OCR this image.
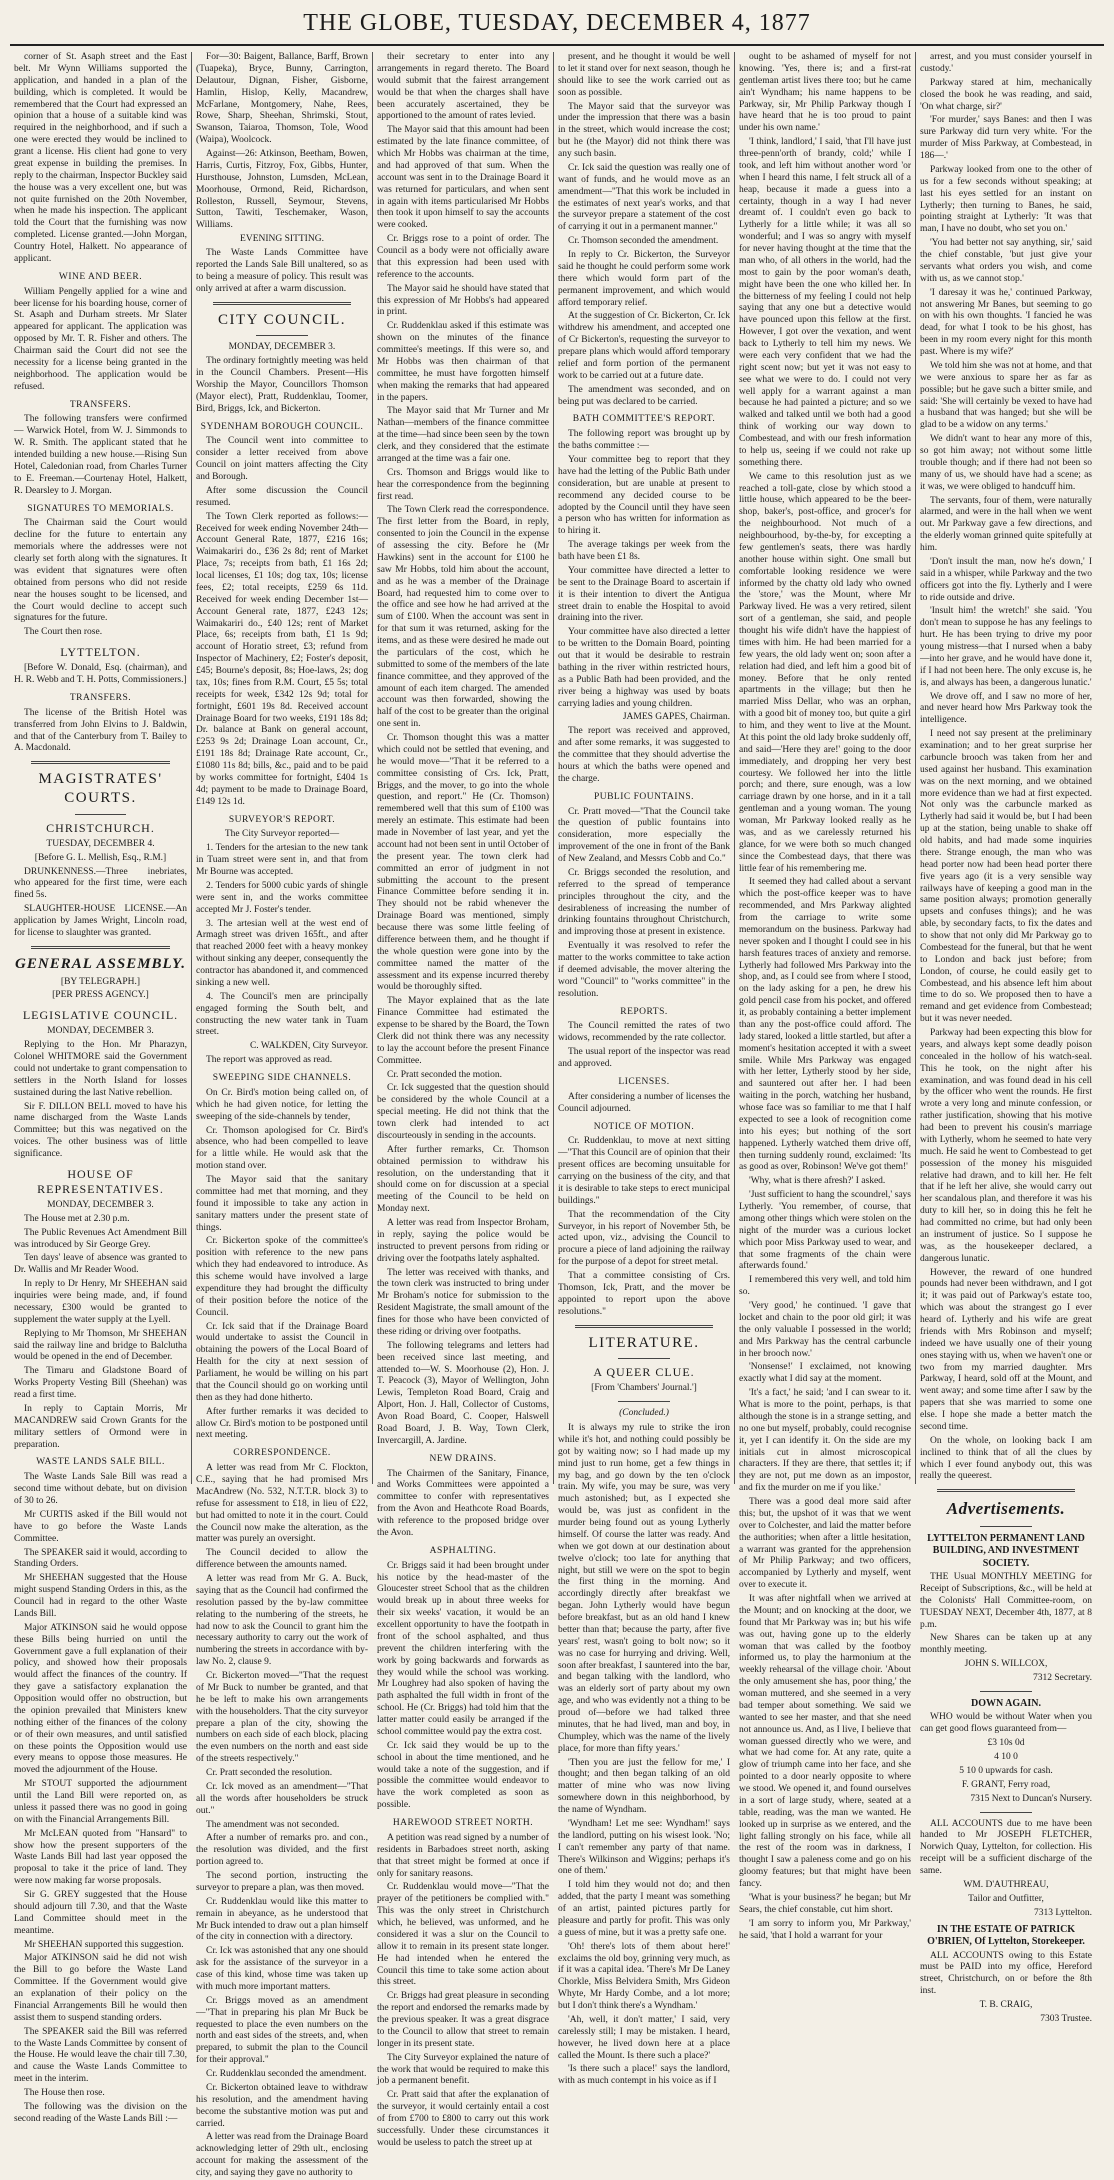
THE GLOBE, TUESDAY, DECEMBER 4, 1877

corner of St. Asaph street and the East belt. Mr Wynn Williams supported the application, and handed in a plan of the building, which is completed. It would be remembered that the Court had expressed an opinion that a house of a suitable kind was required in the neighborhood, and if such a one were erected they would be inclined to grant a license. His client had gone to very great expense in building the premises. In reply to the chairman, Inspector Buckley said the house was a very excellent one, but was not quite furnished on the 20th November, when he made his inspection. The applicant told the Court that the furnishing was now completed. License granted.—John Morgan, Country Hotel, Halkett. No appearance of applicant.

WINE AND BEER.

William Pengelly applied for a wine and beer license for his boarding house, corner of St. Asaph and Durham streets. Mr Slater appeared for applicant. The application was opposed by Mr. T. R. Fisher and others. The Chairman said the Court did not see the necessity for a license being granted in the neighborhood. The application would be refused.

TRANSFERS.

The following transfers were confirmed — Warwick Hotel, from W. J. Simmonds to W. R. Smith. The applicant stated that he intended building a new house.—Rising Sun Hotel, Caledonian road, from Charles Turner to E. Freeman.—Courtenay Hotel, Halkett, R. Dearsley to J. Morgan.

SIGNATURES TO MEMORIALS.

The Chairman said the Court would decline for the future to entertain any memorials where the addresses were not clearly set forth along with the signatures. It was evident that signatures were often obtained from persons who did not reside near the houses sought to be licensed, and the Court would decline to accept such signatures for the future.

The Court then rose.

LYTTELTON.

[Before W. Donald, Esq. (chairman), and H. R. Webb and T. H. Potts, Commissioners.]

TRANSFERS.

The license of the British Hotel was transferred from John Elvins to J. Baldwin, and that of the Canterbury from T. Bailey to A. Macdonald.

MAGISTRATES' COURTS.
CHRISTCHURCH.
TUESDAY, DECEMBER 4.
[Before G. L. Mellish, Esq., R.M.]

DRUNKENNESS.—Three inebriates, who appeared for the first time, were each fined 5s.

SLAUGHTER-HOUSE LICENSE.—An application by James Wright, Lincoln road, for license to slaughter was granted.

GENERAL ASSEMBLY.
[BY TELEGRAPH.]
[PER PRESS AGENCY.]
LEGISLATIVE COUNCIL.
MONDAY, DECEMBER 3.

Replying to the Hon. Mr Pharazyn, Colonel WHITMORE said the Government could not undertake to grant compensation to settlers in the North Island for losses sustained during the last Native rebellion.

Sir F. DILLON BELL moved to have his name discharged from the Waste Lands Committee; but this was negatived on the voices. The other business was of little significance.

HOUSE OF REPRESENTATIVES.
MONDAY, DECEMBER 3.

The House met at 2.30 p.m.

The Public Revenues Act Amendment Bill was introduced by Sir George Grey.

Ten days' leave of absence was granted to Dr. Wallis and Mr Reader Wood.

In reply to Dr Henry, Mr SHEEHAN said inquiries were being made, and, if found necessary, £300 would be granted to supplement the water supply at the Lyell.

Replying to Mr Thomson, Mr SHEEHAN said the railway line and bridge to Balclutha would be opened in the end of December.

The Timaru and Gladstone Board of Works Property Vesting Bill (Sheehan) was read a first time.

In reply to Captain Morris, Mr MACANDREW said Crown Grants for the military settlers of Ormond were in preparation.

WASTE LANDS SALE BILL.

The Waste Lands Sale Bill was read a second time without debate, but on division of 30 to 26.

Mr CURTIS asked if the Bill would not have to go before the Waste Lands Committee.

The SPEAKER said it would, according to Standing Orders.

Mr SHEEHAN suggested that the House might suspend Standing Orders in this, as the Council had in regard to the other Waste Lands Bill.

Major ATKINSON said he would oppose these Bills being hurried on until the Government gave a full explanation of their policy, and showed how their proposals would affect the finances of the country. If they gave a satisfactory explanation the Opposition would offer no obstruction, but the opinion prevailed that Ministers knew nothing either of the finances of the colony or of their own measures, and until satisfied on these points the Opposition would use every means to oppose those measures. He moved the adjournment of the House.

Mr STOUT supported the adjournment until the Land Bill were reported on, as unless it passed there was no good in going on with the Financial Arrangements Bill.

Mr McLEAN quoted from "Hansard" to show how the present supporters of the Waste Lands Bill had last year opposed the proposal to take it the price of land. They were now making far worse proposals.

Sir G. GREY suggested that the House should adjourn till 7.30, and that the Waste Land Committee should meet in the meantime.

Mr SHEEHAN supported this suggestion.

Major ATKINSON said he did not wish the Bill to go before the Waste Land Committee. If the Government would give an explanation of their policy on the Financial Arrangements Bill he would then assist them to suspend standing orders.

The SPEAKER said the Bill was referred to the Waste Lands Committee by consent of the House. He would leave the chair till 7.30, and cause the Waste Lands Committee to meet in the interim.

The House then rose.

The following was the division on the second reading of the Waste Lands Bill :—

For—30: Baigent, Ballance, Barff, Brown (Tuapeka), Bryce, Bunny, Carrington, Delautour, Dignan, Fisher, Gisborne, Hamlin, Hislop, Kelly, Macandrew, McFarlane, Montgomery, Nahe, Rees, Rowe, Sharp, Sheehan, Shrimski, Stout, Swanson, Taiaroa, Thomson, Tole, Wood (Waipa), Woolcock.

Against—26: Atkinson, Beetham, Bowen, Harris, Curtis, Fitzroy, Fox, Gibbs, Hunter, Hursthouse, Johnston, Lumsden, McLean, Moorhouse, Ormond, Reid, Richardson, Rolleston, Russell, Seymour, Stevens, Sutton, Tawiti, Teschemaker, Wason, Williams.

EVENING SITTING.

The Waste Lands Committee have reported the Lands Sale Bill unaltered, so as to being a measure of policy. This result was only arrived at after a warm discussion.

CITY COUNCIL.
MONDAY, DECEMBER 3.

The ordinary fortnightly meeting was held in the Council Chambers. Present—His Worship the Mayor, Councillors Thomson (Mayor elect), Pratt, Ruddenklau, Toomer, Bird, Briggs, Ick, and Bickerton.

SYDENHAM BOROUGH COUNCIL.

The Council went into committee to consider a letter received from above Council on joint matters affecting the City and Borough.

After some discussion the Council resumed.

The Town Clerk reported as follows:—Received for week ending November 24th—Account General Rate, 1877, £216 16s; Waimakariri do., £36 2s 8d; rent of Market Place, 7s; receipts from bath, £1 16s 2d; local licenses, £1 10s; dog tax, 10s; license fees, £2; total receipts, £259 6s 11d. Received for week ending December 1st—Account General rate, 1877, £243 12s; Waimakariri do., £40 12s; rent of Market Place, 6s; receipts from bath, £1 1s 9d; account of Horatio street, £3; refund from Inspector of Machinery, £2; Foster's deposit, £45; Bourne's deposit, 8s; Hoe-laws, 2s; dog tax, 10s; fines from R.M. Court, £5 5s; total receipts for week, £342 12s 9d; total for fortnight, £601 19s 8d. Received account Drainage Board for two weeks, £191 18s 8d; Dr. balance at Bank on general account, £253 9s 2d; Drainage Loan account, Cr., £191 18s 8d; Drainage Rate account, Cr., £1080 11s 8d; bills, &c., paid and to be paid by works committee for fortnight, £404 1s 4d; payment to be made to Drainage Board, £149 12s 1d.

SURVEYOR'S REPORT.
The City Surveyor reported—

1. Tenders for the artesian to the new tank in Tuam street were sent in, and that from Mr Bourne was accepted.

2. Tenders for 5000 cubic yards of shingle were sent in, and the works committee accepted Mr J. Foster's tender.

3. The artesian well at the west end of Armagh street was driven 165ft., and after that reached 2000 feet with a heavy monkey without sinking any deeper, consequently the contractor has abandoned it, and commenced sinking a new well.

4. The Council's men are principally engaged forming the South belt, and constructing the new water tank in Tuam street.

C. WALKDEN, City Surveyor.

The report was approved as read.

SWEEPING SIDE CHANNELS.

On Cr. Bird's motion being called on, of which he had given notice, for letting the sweeping of the side-channels by tender,

Cr. Thomson apologised for Cr. Bird's absence, who had been compelled to leave for a little while. He would ask that the motion stand over.

The Mayor said that the sanitary committee had met that morning, and they found it impossible to take any action in sanitary matters under the present state of things.

Cr. Bickerton spoke of the committee's position with reference to the new pans which they had endeavored to introduce. As this scheme would have involved a large expenditure they had brought the difficulty of their position before the notice of the Council.

Cr. Ick said that if the Drainage Board would undertake to assist the Council in obtaining the powers of the Local Board of Health for the city at next session of Parliament, he would be willing on his part that the Council should go on working until then as they had done hitherto.

After further remarks it was decided to allow Cr. Bird's motion to be postponed until next meeting.

CORRESPONDENCE.

A letter was read from Mr C. Flockton, C.E., saying that he had promised Mrs MacAndrew (No. 532, N.T.T.R. block 3) to refuse for assessment to £18, in lieu of £22, but had omitted to note it in the court. Could the Council now make the alteration, as the matter was purely an oversight.

The Council decided to allow the difference between the amounts named.

A letter was read from Mr G. A. Buck, saying that as the Council had confirmed the resolution passed by the by-law committee relating to the numbering of the streets, he had now to ask the Council to grant him the necessary authority to carry out the work of numbering the streets in accordance with by-law No. 2, clause 9.

Cr. Bickerton moved—"That the request of Mr Buck to number be granted, and that he be left to make his own arrangements with the householders. That the city surveyor prepare a plan of the city, showing the numbers on each side of each block, placing the even numbers on the north and east side of the streets respectively."

Cr. Pratt seconded the resolution.

Cr. Ick moved as an amendment—"That all the words after householders be struck out."

The amendment was not seconded.

After a number of remarks pro. and con., the resolution was divided, and the first portion agreed to.

The second portion, instructing the surveyor to prepare a plan, was then moved.

Cr. Ruddenklau would like this matter to remain in abeyance, as he understood that Mr Buck intended to draw out a plan himself of the city in connection with a directory.

Cr. Ick was astonished that any one should ask for the assistance of the surveyor in a case of this kind, whose time was taken up with much more important matters.

Cr. Briggs moved as an amendment—"That in preparing his plan Mr Buck be requested to place the even numbers on the north and east sides of the streets, and, when prepared, to submit the plan to the Council for their approval."

Cr. Ruddenklau seconded the amendment.

Cr. Bickerton obtained leave to withdraw his resolution, and the amendment having become the substantive motion was put and carried.

A letter was read from the Drainage Board acknowledging letter of 29th ult., enclosing account for making the assessment of the city, and saying they gave no authority to

their secretary to enter into any arrangements in regard thereto. The Board would submit that the fairest arrangement would be that when the charges shall have been accurately ascertained, they be apportioned to the amount of rates levied.

The Mayor said that this amount had been estimated by the late finance committee, of which Mr Hobbs was chairman at the time, and had approved of that sum. When the account was sent in to the Drainage Board it was returned for particulars, and when sent in again with items particularised Mr Hobbs then took it upon himself to say the accounts were cooked.

Cr. Briggs rose to a point of order. The Council as a body were not officially aware that this expression had been used with reference to the accounts.

The Mayor said he should have stated that this expression of Mr Hobbs's had appeared in print.

Cr. Ruddenklau asked if this estimate was shown on the minutes of the finance committee's meetings. If this were so, and Mr Hobbs was then chairman of that committee, he must have forgotten himself when making the remarks that had appeared in the papers.

The Mayor said that Mr Turner and Mr Nathan—members of the finance committee at the time—had since been seen by the town clerk, and they considered that the estimate arranged at the time was a fair one.

Crs. Thomson and Briggs would like to hear the correspondence from the beginning first read.

The Town Clerk read the correspondence. The first letter from the Board, in reply, consented to join the Council in the expense of assessing the city. Before he (Mr Hawkins) sent in the account for £100 he saw Mr Hobbs, told him about the account, and as he was a member of the Drainage Board, had requested him to come over to the office and see how he had arrived at the sum of £100. When the account was sent in for that sum it was returned, asking for the items, and as these were desired he made out the particulars of the cost, which he submitted to some of the members of the late finance committee, and they approved of the amount of each item charged. The amended account was then forwarded, showing the half of the cost to be greater than the original one sent in.

Cr. Thomson thought this was a matter which could not be settled that evening, and he would move—"That it be referred to a committee consisting of Crs. Ick, Pratt, Briggs, and the mover, to go into the whole question, and report." He (Cr. Thomson) remembered well that this sum of £100 was merely an estimate. This estimate had been made in November of last year, and yet the account had not been sent in until October of the present year. The town clerk had committed an error of judgment in not submitting the account to the present Finance Committee before sending it in. They should not be rabid whenever the Drainage Board was mentioned, simply because there was some little feeling of difference between them, and he thought if the whole question were gone into by the committee named the matter of the assessment and its expense incurred thereby would be thoroughly sifted.

The Mayor explained that as the late Finance Committee had estimated the expense to be shared by the Board, the Town Clerk did not think there was any necessity to lay the account before the present Finance Committee.

Cr. Pratt seconded the motion.

Cr. Ick suggested that the question should be considered by the whole Council at a special meeting. He did not think that the town clerk had intended to act discourteously in sending in the accounts.

After further remarks, Cr. Thomson obtained permission to withdraw his resolution, on the understanding that it should come on for discussion at a special meeting of the Council to be held on Monday next.

A letter was read from Inspector Broham, in reply, saying the police would be instructed to prevent persons from riding or driving over the footpaths lately asphalted.

The letter was received with thanks, and the town clerk was instructed to bring under Mr Broham's notice for submission to the Resident Magistrate, the small amount of the fines for those who have been convicted of these riding or driving over footpaths.

The following telegrams and letters had been received since last meeting, and attended to—W. S. Moorhouse (2), Hon. J. T. Peacock (3), Mayor of Wellington, John Lewis, Templeton Road Board, Craig and Alport, Hon. J. Hall, Collector of Customs, Avon Road Board, C. Cooper, Halswell Road Board, J. B. Way, Town Clerk, Invercargill, A. Jardine.

NEW DRAINS.

The Chairmen of the Sanitary, Finance, and Works Committees were appointed a committee to confer with representatives from the Avon and Heathcote Road Boards, with reference to the proposed bridge over the Avon.

ASPHALTING.

Cr. Briggs said it had been brought under his notice by the head-master of the Gloucester street School that as the children would break up in about three weeks for their six weeks' vacation, it would be an excellent opportunity to have the footpath in front of the school asphalted, and thus prevent the children interfering with the work by going backwards and forwards as they would while the school was working. Mr Loughrey had also spoken of having the path asphalted the full width in front of the school. He (Cr. Briggs) had told him that the latter matter could easily be arranged if the school committee would pay the extra cost.

Cr. Ick said they would be up to the school in about the time mentioned, and he would take a note of the suggestion, and if possible the committee would endeavor to have the work completed as soon as possible.

HAREWOOD STREET NORTH.

A petition was read signed by a number of residents in Barbadoes street north, asking that that street might be formed at once if only for sanitary reasons.

Cr. Ruddenklau would move—"That the prayer of the petitioners be complied with." This was the only street in Christchurch which, he believed, was unformed, and he considered it was a slur on the Council to allow it to remain in its present state longer. He had intended when he entered the Council this time to take some action about this street.

Cr. Briggs had great pleasure in seconding the report and endorsed the remarks made by the previous speaker. It was a great disgrace to the Council to allow that street to remain longer in its present state.

The City Surveyor explained the nature of the work that would be required to make this job a permanent benefit.

Cr. Pratt said that after the explanation of the surveyor, it would certainly entail a cost of from £700 to £800 to carry out this work successfully. Under these circumstances it would be useless to patch the street up at

present, and he thought it would be well to let it stand over for next season, though he should like to see the work carried out as soon as possible.

The Mayor said that the surveyor was under the impression that there was a basin in the street, which would increase the cost; but he (the Mayor) did not think there was any such basin.

Cr. Ick said the question was really one of want of funds, and he would move as an amendment—"That this work be included in the estimates of next year's works, and that the surveyor prepare a statement of the cost of carrying it out in a permanent manner."

Cr. Thomson seconded the amendment.

In reply to Cr. Bickerton, the Surveyor said he thought he could perform some work there which would form part of the permanent improvement, and which would afford temporary relief.

At the suggestion of Cr. Bickerton, Cr. Ick withdrew his amendment, and accepted one of Cr Bickerton's, requesting the surveyor to prepare plans which would afford temporary relief and form portion of the permanent work to be carried out at a future date.

The amendment was seconded, and on being put was declared to be carried.

BATH COMMITTEE'S REPORT.

The following report was brought up by the baths committee :—

Your committee beg to report that they have had the letting of the Public Bath under consideration, but are unable at present to recommend any decided course to be adopted by the Council until they have seen a person who has written for information as to hiring it.

The average takings per week from the bath have been £1 8s.

Your committee have directed a letter to be sent to the Drainage Board to ascertain if it is their intention to divert the Antigua street drain to enable the Hospital to avoid draining into the river.

Your committee have also directed a letter to be written to the Domain Board, pointing out that it would be desirable to restrain bathing in the river within restricted hours, as a Public Bath had been provided, and the river being a highway was used by boats carrying ladies and young children.

JAMES GAPES, Chairman.

The report was received and approved, and after some remarks, it was suggested to the committee that they should advertise the hours at which the baths were opened and the charge.

PUBLIC FOUNTAINS.

Cr. Pratt moved—"That the Council take the question of public fountains into consideration, more especially the improvement of the one in front of the Bank of New Zealand, and Messrs Cobb and Co."

Cr. Briggs seconded the resolution, and referred to the spread of temperance principles throughout the city, and the desirableness of increasing the number of drinking fountains throughout Christchurch, and improving those at present in existence.

Eventually it was resolved to refer the matter to the works committee to take action if deemed advisable, the mover altering the word "Council" to "works committee" in the resolution.

REPORTS.

The Council remitted the rates of two widows, recommended by the rate collector.

The usual report of the inspector was read and approved.

LICENSES.

After considering a number of licenses the Council adjourned.

NOTICE OF MOTION.

Cr. Ruddenklau, to move at next sitting—"That this Council are of opinion that their present offices are becoming unsuitable for carrying on the business of the city, and that it is desirable to take steps to erect municipal buildings."

That the recommendation of the City Surveyor, in his report of November 5th, be acted upon, viz., advising the Council to procure a piece of land adjoining the railway for the purpose of a depot for street metal.

That a committee consisting of Crs. Thomson, Ick, Pratt, and the mover be appointed to report upon the above resolutions."

LITERATURE.
A QUEER CLUE.
[From 'Chambers' Journal.']
(Concluded.)

It is always my rule to strike the iron while it's hot, and nothing could possibly be got by waiting now; so I had made up my mind just to run home, get a few things in my bag, and go down by the ten o'clock train. My wife, you may be sure, was very much astonished; but, as I expected she would be, was just as confident in the murder being found out as young Lytherly himself. Of course the latter was ready. And when we got down at our destination about twelve o'clock; too late for anything that night, but still we were on the spot to begin the first thing in the morning. And accordingly directly after breakfast we began. John Lytherly would have begun before breakfast, but as an old hand I knew better than that; because the party, after five years' rest, wasn't going to bolt now; so it was no case for hurrying and driving. Well, soon after breakfast, I sauntered into the bar, and began talking with the landlord, who was an elderly sort of party about my own age, and who was evidently not a thing to be proud of—before we had talked three minutes, that he had lived, man and boy, in Chumpley, which was the name of the lively place, for more than fifty years.'

'Then you are just the fellow for me,' I thought; and then began talking of an old matter of mine who was now living somewhere down in this neighborhood, by the name of Wyndham.

'Wyndham! Let me see: Wyndham!' says the landlord, putting on his wisest look. 'No; I can't remember any party of that name. There's Wilkinson and Wiggins; perhaps it's one of them.'

I told him they would not do; and then added, that the party I meant was something of an artist, painted pictures partly for pleasure and partly for profit. This was only a guess of mine, but it was a pretty safe one.

'Oh! there's lots of them about here!' exclaims the old boy, grinning very much, as if it was a capital idea. 'There's Mr De Laney Chorkle, Miss Belvidera Smith, Mrs Gideon Whyte, Mr Hardy Combe, and a lot more; but I don't think there's a Wyndham.'

'Ah, well, it don't matter,' I said, very carelessly still; I may be mistaken. I heard, however, he lived down here at a place called the Mount. Is there such a place?'

'Is there such a place!' says the landlord, with as much contempt in his voice as if I

ought to be ashamed of myself for not knowing. 'Yes, there is; and a first-rat gentleman artist lives there too; but he came ain't Wyndham; his name happens to be Parkway, sir, Mr Philip Parkway though I have heard that he is too proud to paint under his own name.'

'I think, landlord,' I said, 'that I'll have just three-penn'orth of brandy, cold;' while I took, and left him without another word 'or when I heard this name, I felt struck all of a heap, because it made a guess into a certainty, though in a way I had never dreamt of. I couldn't even go back to Lytherly for a little while; it was all so wonderful; and I was so angry with myself for never having thought at the time that the man who, of all others in the world, had the most to gain by the poor woman's death, might have been the one who killed her. In the bitterness of my feeling I could not help saying that any one but a detective would have pounced upon this fellow at the first. However, I got over the vexation, and went back to Lytherly to tell him my news. We were each very confident that we had the right scent now; but yet it was not easy to see what we were to do. I could not very well apply for a warrant against a man because he had painted a picture; and so we walked and talked until we both had a good think of working our way down to Combestead, and with our fresh information to help us, seeing if we could not rake up something there.

We came to this resolution just as we reached a toll-gate, close by which stood a little house, which appeared to be the beer-shop, baker's, post-office, and grocer's for the neighbourhood. Not much of a neighbourhood, by-the-by, for excepting a few gentlemen's seats, there was hardly another house within sight. One small but comfortable looking residence we were informed by the chatty old lady who owned the 'store,' was the Mount, where Mr Parkway lived. He was a very retired, silent sort of a gentleman, she said, and people thought his wife didn't have the happiest of times with him. He had been married for a few years, the old lady went on; soon after a relation had died, and left him a good bit of money. Before that he only rented apartments in the village; but then he married Miss Dellar, who was an orphan, with a good bit of money too, but quite a girl to him, and they went to live at the Mount. At this point the old lady broke suddenly off, and said—'Here they are!' going to the door immediately, and dropping her very best courtesy. We followed her into the little porch; and there, sure enough, was a low carriage drawn by one horse, and in it a tall gentleman and a young woman. The young woman, Mr Parkway looked really as he was, and as we carelessly returned his glance, for we were both so much changed since the Combestead days, that there was little fear of his remembering me.

It seemed they had called about a servant which the post-office keeper was to have recommended, and Mrs Parkway alighted from the carriage to write some memorandum on the business. Parkway had never spoken and I thought I could see in his harsh features traces of anxiety and remorse. Lytherly had followed Mrs Parkway into the shop, and, as I could see from where I stood, on the lady asking for a pen, he drew his gold pencil case from his pocket, and offered it, as probably containing a better implement than any the post-office could afford. The lady stared, looked a little startled, but after a moment's hesitation accepted it with a sweet smile. While Mrs Parkway was engaged with her letter, Lytherly stood by her side, and sauntered out after her. I had been waiting in the porch, watching her husband, whose face was so familiar to me that I half expected to see a look of recognition come into his eyes; but nothing of the sort happened. Lytherly watched them drive off, then turning suddenly round, exclaimed: 'Its as good as over, Robinson! We've got them!'

'Why, what is there afresh?' I asked.

'Just sufficient to hang the scoundrel,' says Lytherly. 'You remember, of course, that among other things which were stolen on the night of the murder was a curious locket which poor Miss Parkway used to wear, and that some fragments of the chain were afterwards found.'

I remembered this very well, and told him so.

'Very good,' he continued. 'I gave that locket and chain to the poor old girl; it was the only valuable I possessed in the world; and Mrs Parkway has the central carbuncle in her brooch now.'

'Nonsense!' I exclaimed, not knowing exactly what I did say at the moment.

'It's a fact,' he said; 'and I can swear to it. What is more to the point, perhaps, is that although the stone is in a strange setting, and no one but myself, probably, could recognise it, yet I can identify it. On the side are my initials cut in almost microscopical characters. If they are there, that settles it; if they are not, put me down as an impostor, and fix the murder on me if you like.'

There was a good deal more said after this; but, the upshot of it was that we went over to Colchester, and laid the matter before the authorities; when after a little hesitation, a warrant was granted for the apprehension of Mr Philip Parkway; and two officers, accompanied by Lytherly and myself, went over to execute it.

It was after nightfall when we arrived at the Mount; and on knocking at the door, we found that Mr Parkway was in; but his wife was out, having gone up to the elderly woman that was called by the footboy informed us, to play the harmonium at the weekly rehearsal of the village choir. 'About the only amusement she has, poor thing,' the woman muttered, and she seemed in a very bad temper about something. We said we wanted to see her master, and that she need not announce us. And, as I live, I believe that woman guessed directly who we were, and what we had come for. At any rate, quite a glow of triumph came into her face, and she pointed to a door nearly opposite to where we stood. We opened it, and found ourselves in a sort of large study, where, seated at a table, reading, was the man we wanted. He looked up in surprise as we entered, and the light falling strongly on his face, while all the rest of the room was in darkness, I thought I saw a paleness come and go on his gloomy features; but that might have been fancy.

'What is your business?' he began; but Mr Sears, the chief constable, cut him short.

'I am sorry to inform you, Mr Parkway,' he said, 'that I hold a warrant for your

arrest, and you must consider yourself in custody.'

Parkway stared at him, mechanically closed the book he was reading, and said, 'On what charge, sir?'

'For murder,' says Banes: and then I was sure Parkway did turn very white. 'For the murder of Miss Parkway, at Combestead, in 186—.'

Parkway looked from one to the other of us for a few seconds without speaking; at last his eyes settled for an instant on Lytherly; then turning to Banes, he said, pointing straight at Lytherly: 'It was that man, I have no doubt, who set you on.'

'You had better not say anything, sir,' said the chief constable, 'but just give your servants what orders you wish, and come with us, as we cannot stop.'

'I daresay it was he,' continued Parkway, not answering Mr Banes, but seeming to go on with his own thoughts. 'I fancied he was dead, for what I took to be his ghost, has been in my room every night for this month past. Where is my wife?'

We told him she was not at home, and that we were anxious to spare her as far as possible; but he gave such a bitter smile, and said: 'She will certainly be vexed to have had a husband that was hanged; but she will be glad to be a widow on any terms.'

We didn't want to hear any more of this, so got him away; not without some little trouble though; and if there had not been so many of us, we should have had a scene; as it was, we were obliged to handcuff him.

The servants, four of them, were naturally alarmed, and were in the hall when we went out. Mr Parkway gave a few directions, and the elderly woman grinned quite spitefully at him.

'Don't insult the man, now he's down,' I said in a whisper, while Parkway and the two officers got into the fly. Lytherly and I were to ride outside and drive.

'Insult him! the wretch!' she said. 'You don't mean to suppose he has any feelings to hurt. He has been trying to drive my poor young mistress—that I nursed when a baby—into her grave, and he would have done it, if I had not been here. The only excuse is, he is, and always has been, a dangerous lunatic.'

We drove off, and I saw no more of her, and never heard how Mrs Parkway took the intelligence.

I need not say present at the preliminary examination; and to her great surprise her carbuncle brooch was taken from her and used against her husband. This examination was on the next morning, and we obtained more evidence than we had at first expected. Not only was the carbuncle marked as Lytherly had said it would be, but I had been up at the station, being unable to shake off old habits, and had made some inquiries there. Strange enough, the man who was head porter now had been head porter there five years ago (it is a very sensible way railways have of keeping a good man in the same position always; promotion generally upsets and confuses things); and he was able, by secondary facts, to fix the dates and to show that not only did Mr Parkway go to Combestead for the funeral, but that he went to London and back just before; from London, of course, he could easily get to Combestead, and his absence left him about time to do so. We proposed then to have a remand and get evidence from Combestead; but it was never needed.

Parkway had been expecting this blow for years, and always kept some deadly poison concealed in the hollow of his watch-seal. This he took, on the night after his examination, and was found dead in his cell by the officer who went the rounds. He first wrote a very long and minute confession, or rather justification, showing that his motive had been to prevent his cousin's marriage with Lytherly, whom he seemed to hate very much. He said he went to Combestead to get possession of the money his misguided relative had drawn, and to kill her. He felt that if he left her alive, she would carry out her scandalous plan, and therefore it was his duty to kill her, so in doing this he felt he had committed no crime, but had only been an instrument of justice. So I suppose he was, as the housekeeper declared, a dangerous lunatic.

However, the reward of one hundred pounds had never been withdrawn, and I got it; it was paid out of Parkway's estate too, which was about the strangest go I ever heard of. Lytherly and his wife are great friends with Mrs Robinson and myself; indeed we have usually one of their young ones staying with us, when we haven't one or two from my married daughter. Mrs Parkway, I heard, sold off at the Mount, and went away; and some time after I saw by the papers that she was married to some one else. I hope she made a better match the second time.

On the whole, on looking back I am inclined to think that of all the clues by which I ever found anybody out, this was really the queerest.

Advertisements.
LYTTELTON PERMANENT LAND BUILDING, AND INVESTMENT SOCIETY.

THE Usual MONTHLY MEETING for Receipt of Subscriptions, &c., will be held at the Colonists' Hall Committee-room, on TUESDAY NEXT, December 4th, 1877, at 8 p.m.

New Shares can be taken up at any monthly meeting.

JOHN S. WILLCOX,
7312 Secretary.
DOWN AGAIN.

WHO would be without Water when you can get good flows guaranteed from—

£3 10s 0d
4 10 0
5 10 0 upwards for cash.
F. GRANT, Ferry road,
7315 Next to Duncan's Nursery.

ALL ACCOUNTS due to me have been handed to Mr JOSEPH FLETCHER, Norwich Quay, Lyttelton, for collection. His receipt will be a sufficient discharge of the same.

WM. D'AUTHREAU,
Tailor and Outfitter,
7313 Lyttelton.
IN THE ESTATE OF PATRICK O'BRIEN, Of Lyttelton, Storekeeper.

ALL ACCOUNTS owing to this Estate must be PAID into my office, Hereford street, Christchurch, on or before the 8th inst.

T. B. CRAIG,
7303 Trustee.
